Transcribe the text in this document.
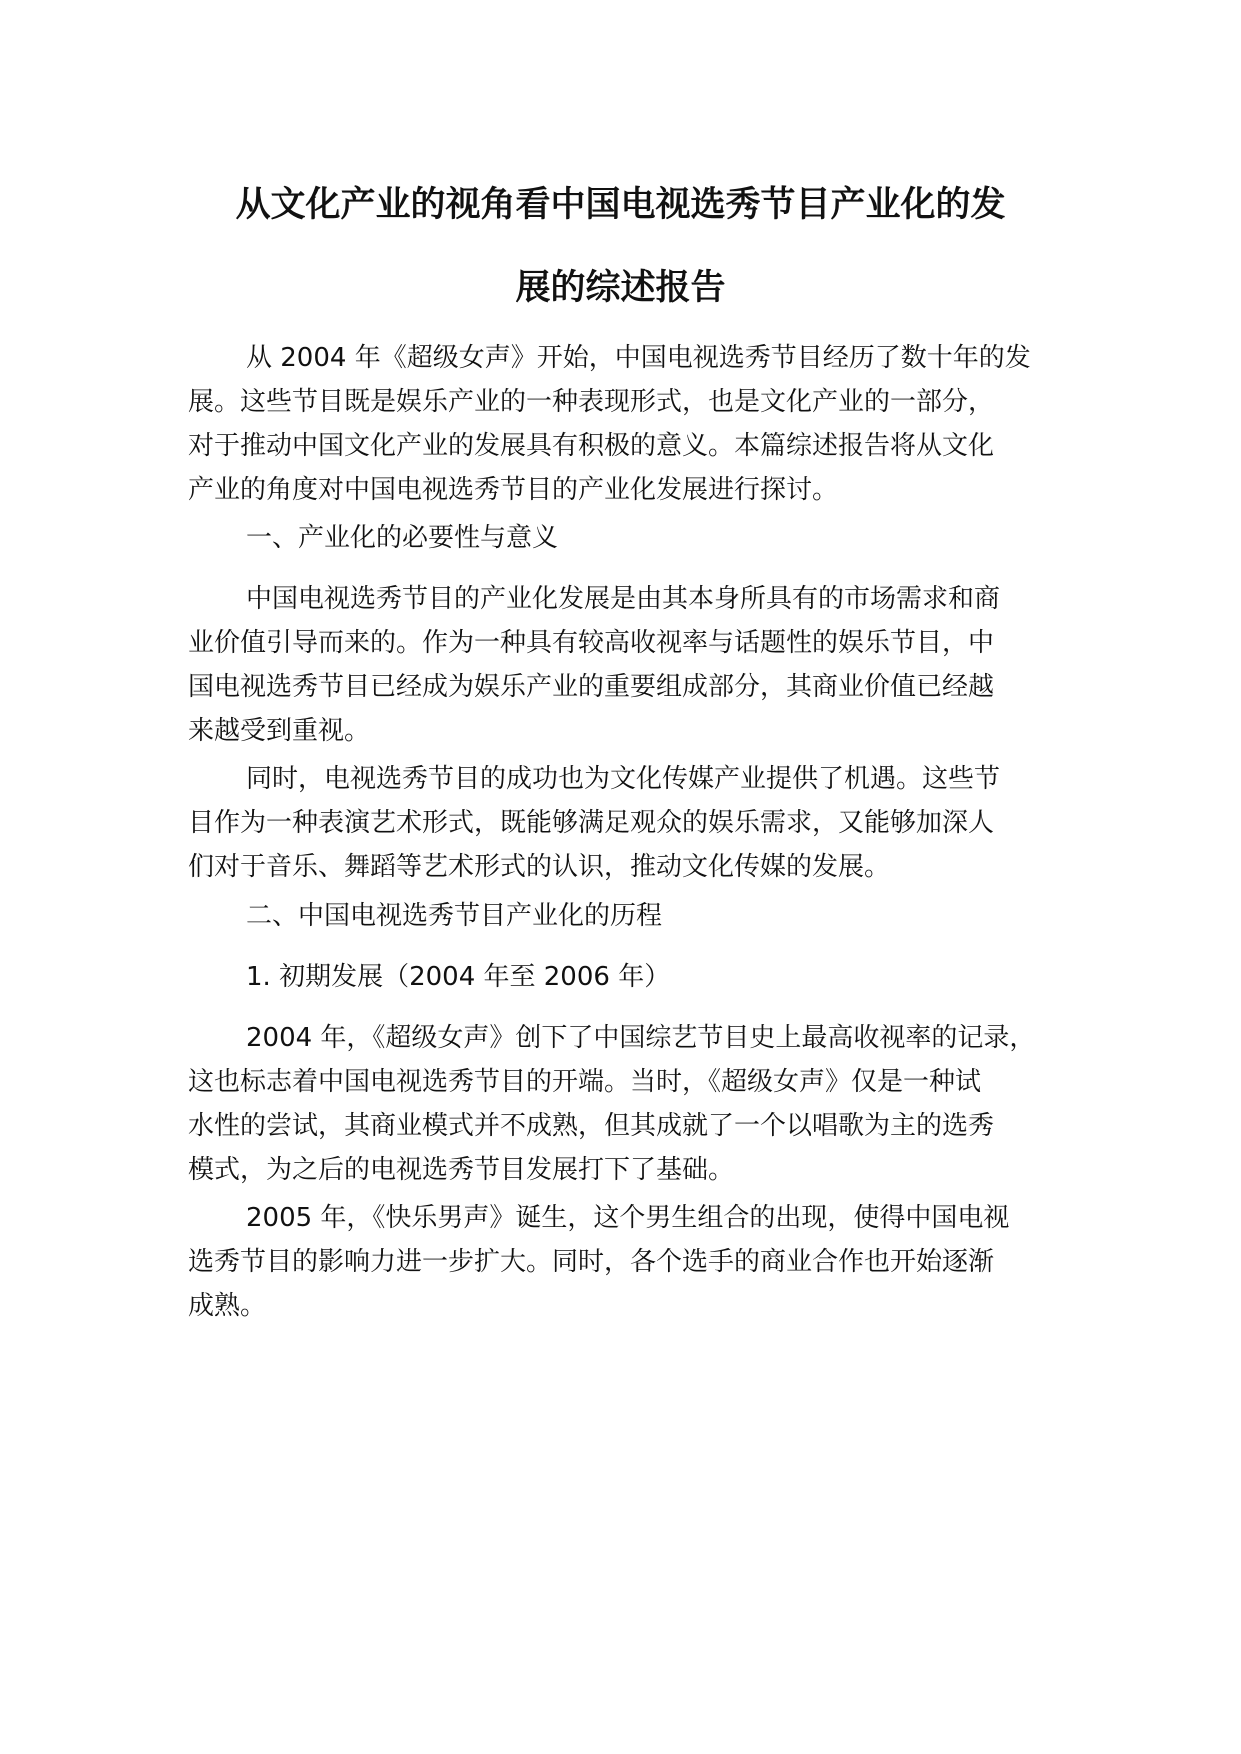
从文化产业的视角看中国电视选秀节目产业化的发
展的综述报告
从 2004 年《超级女声》开始，中国电视选秀节目经历了数十年的发
展。这些节目既是娱乐产业的一种表现形式，也是文化产业的一部分，
对于推动中国文化产业的发展具有积极的意义。本篇综述报告将从文化
产业的角度对中国电视选秀节目的产业化发展进行探讨。
一、产业化的必要性与意义
中国电视选秀节目的产业化发展是由其本身所具有的市场需求和商
业价值引导而来的。作为一种具有较高收视率与话题性的娱乐节目，中
国电视选秀节目已经成为娱乐产业的重要组成部分，其商业价值已经越
来越受到重视。
同时，电视选秀节目的成功也为文化传媒产业提供了机遇。这些节
目作为一种表演艺术形式，既能够满足观众的娱乐需求，又能够加深人
们对于音乐、舞蹈等艺术形式的认识，推动文化传媒的发展。
二、中国电视选秀节目产业化的历程
1. 初期发展（2004 年至 2006 年）
2004 年，《超级女声》创下了中国综艺节目史上最高收视率的记录，
这也标志着中国电视选秀节目的开端。当时，《超级女声》仅是一种试
水性的尝试，其商业模式并不成熟，但其成就了一个以唱歌为主的选秀
模式，为之后的电视选秀节目发展打下了基础。
2005 年，《快乐男声》诞生，这个男生组合的出现，使得中国电视
选秀节目的影响力进一步扩大。同时，各个选手的商业合作也开始逐渐
成熟。
